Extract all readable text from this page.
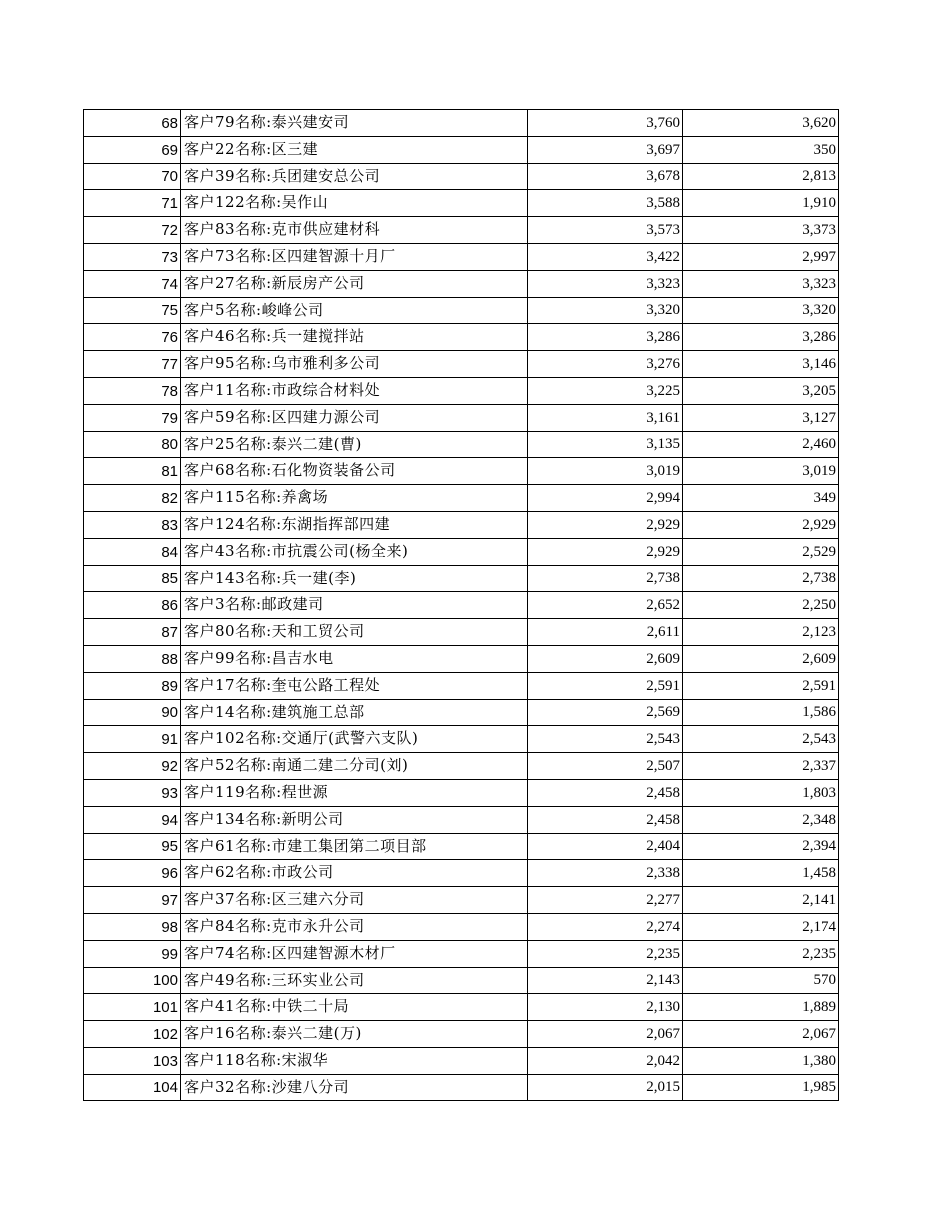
68	客户79名称:泰兴建安司	3,760	3,620
69	客户22名称:区三建	3,697	350
70	客户39名称:兵团建安总公司	3,678	2,813
71	客户122名称:吴作山	3,588	1,910
72	客户83名称:克市供应建材科	3,573	3,373
73	客户73名称:区四建智源十月厂	3,422	2,997
74	客户27名称:新辰房产公司	3,323	3,323
75	客户5名称:峻峰公司	3,320	3,320
76	客户46名称:兵一建搅拌站	3,286	3,286
77	客户95名称:乌市雅利多公司	3,276	3,146
78	客户11名称:市政综合材料处	3,225	3,205
79	客户59名称:区四建力源公司	3,161	3,127
80	客户25名称:泰兴二建(曹)	3,135	2,460
81	客户68名称:石化物资装备公司	3,019	3,019
82	客户115名称:养禽场	2,994	349
83	客户124名称:东湖指挥部四建	2,929	2,929
84	客户43名称:市抗震公司(杨全来)	2,929	2,529
85	客户143名称:兵一建(李)	2,738	2,738
86	客户3名称:邮政建司	2,652	2,250
87	客户80名称:天和工贸公司	2,611	2,123
88	客户99名称:昌吉水电	2,609	2,609
89	客户17名称:奎屯公路工程处	2,591	2,591
90	客户14名称:建筑施工总部	2,569	1,586
91	客户102名称:交通厅(武警六支队)	2,543	2,543
92	客户52名称:南通二建二分司(刘)	2,507	2,337
93	客户119名称:程世源	2,458	1,803
94	客户134名称:新明公司	2,458	2,348
95	客户61名称:市建工集团第二项目部	2,404	2,394
96	客户62名称:市政公司	2,338	1,458
97	客户37名称:区三建六分司	2,277	2,141
98	客户84名称:克市永升公司	2,274	2,174
99	客户74名称:区四建智源木材厂	2,235	2,235
100	客户49名称:三环实业公司	2,143	570
101	客户41名称:中铁二十局	2,130	1,889
102	客户16名称:泰兴二建(万)	2,067	2,067
103	客户118名称:宋淑华	2,042	1,380
104	客户32名称:沙建八分司	2,015	1,985
